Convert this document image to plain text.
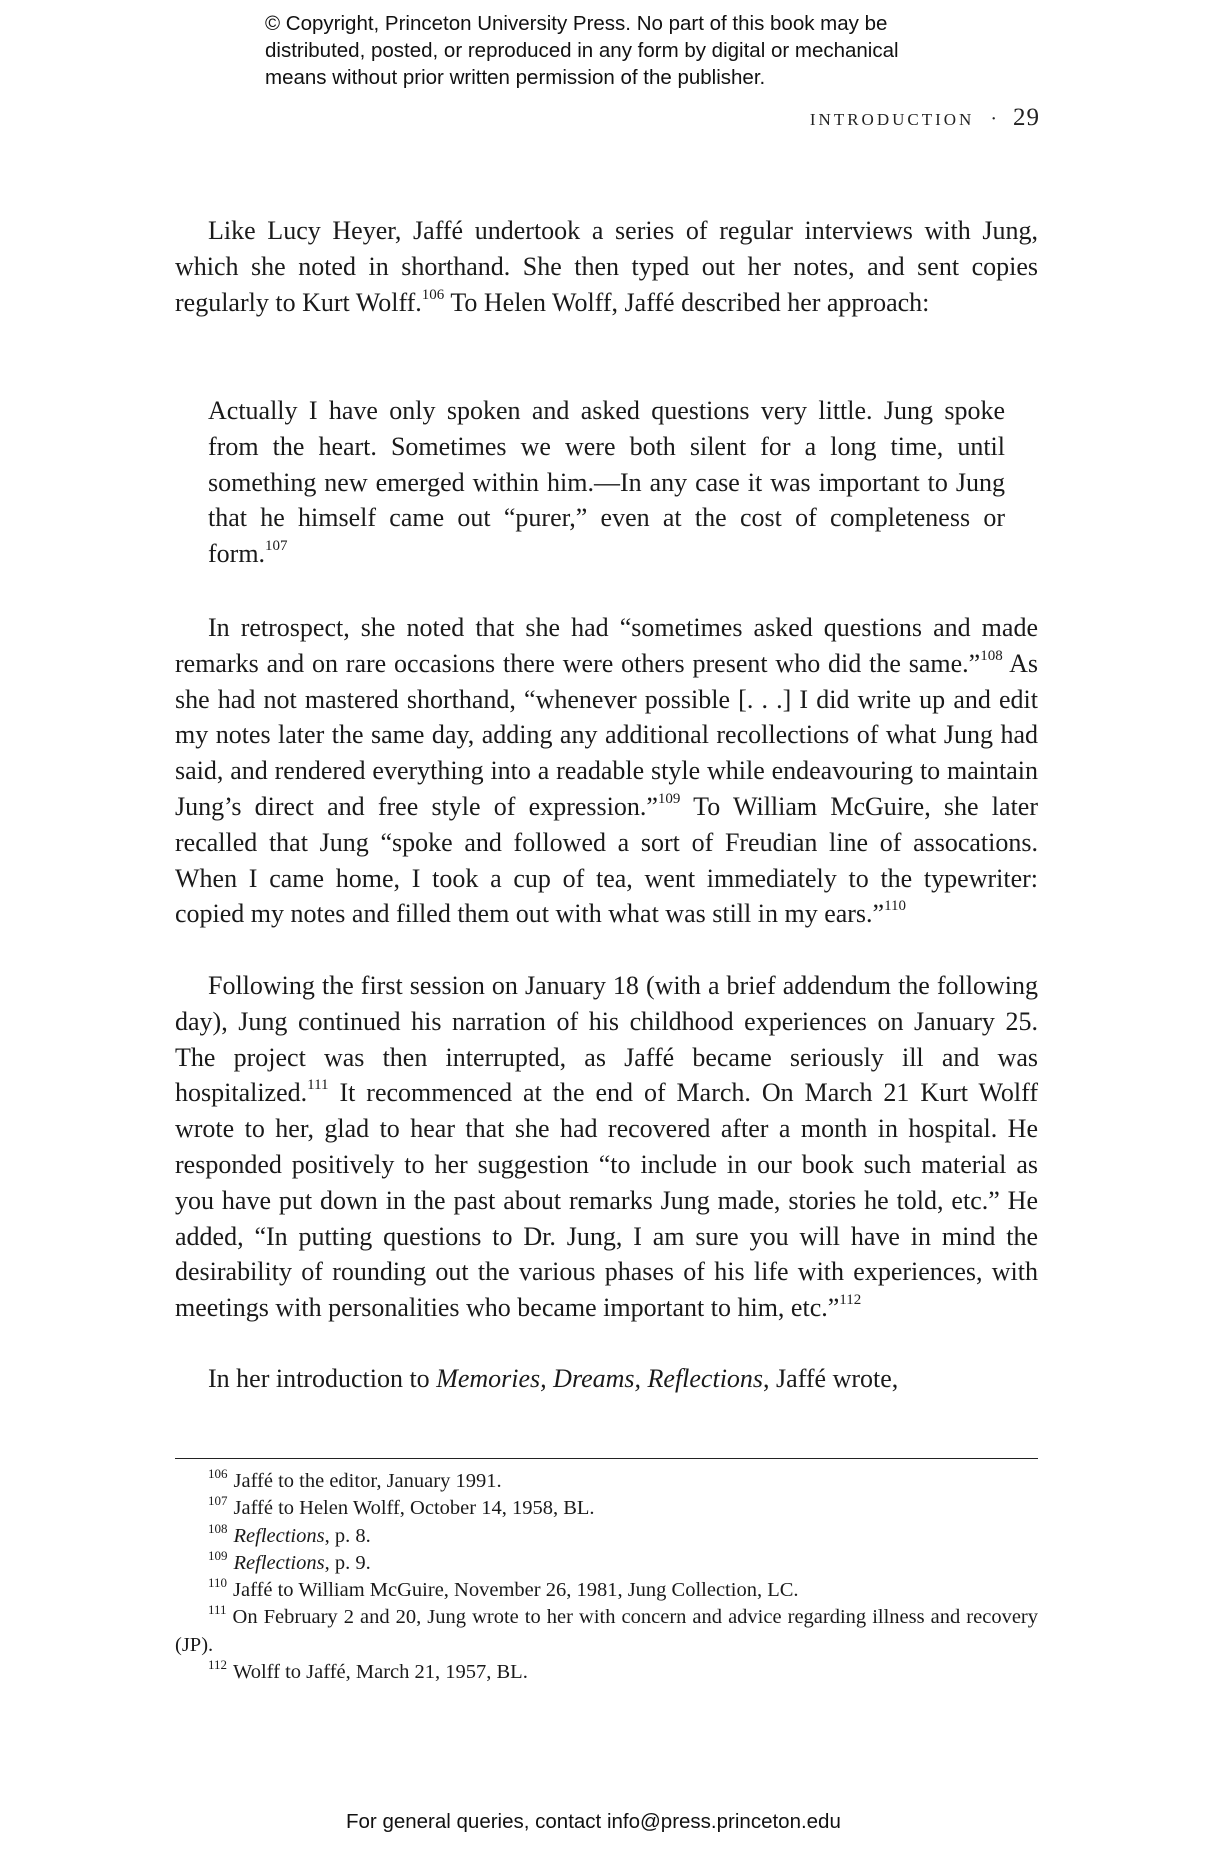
© Copyright, Princeton University Press. No part of this book may be
distributed, posted, or reproduced in any form by digital or mechanical
means without prior written permission of the publisher.
INTRODUCTION · 29

Like Lucy Heyer, Jaffé undertook a series of regular interviews with Jung, which she noted in shorthand. She then typed out her notes, and sent copies regularly to Kurt Wolff.$^{106}$ To Helen Wolff, Jaffé described her approach:

Actually I have only spoken and asked questions very little. Jung spoke from the heart. Sometimes we were both silent for a long time, until something new emerged within him.—In any case it was important to Jung that he himself came out “purer,” even at the cost of completeness or form.$^{107}$

In retrospect, she noted that she had “sometimes asked questions and made remarks and on rare occasions there were others present who did the same.”$^{108}$ As she had not mastered shorthand, “whenever possible [. . .] I did write up and edit my notes later the same day, adding any additional recollections of what Jung had said, and rendered everything into a readable style while endeavouring to maintain Jung’s direct and free style of expression.”$^{109}$ To William McGuire, she later recalled that Jung “spoke and followed a sort of Freudian line of assocations. When I came home, I took a cup of tea, went immediately to the typewriter: copied my notes and filled them out with what was still in my ears.”$^{110}$

Following the first session on January 18 (with a brief addendum the following day), Jung continued his narration of his childhood experiences on January 25. The project was then interrupted, as Jaffé became seriously ill and was hospitalized.$^{111}$ It recommenced at the end of March. On March 21 Kurt Wolff wrote to her, glad to hear that she had recovered after a month in hospital. He responded positively to her suggestion “to include in our book such material as you have put down in the past about remarks Jung made, stories he told, etc.” He added, “In putting questions to Dr. Jung, I am sure you will have in mind the desirability of rounding out the various phases of his life with experiences, with meetings with personalities who became important to him, etc.”$^{112}$

In her introduction to Memories, Dreams, Reflections, Jaffé wrote,

$^{106}$ Jaffé to the editor, January 1991.

$^{107}$ Jaffé to Helen Wolff, October 14, 1958, BL.

$^{108}$ Reflections, p. 8.

$^{109}$ Reflections, p. 9.

$^{110}$ Jaffé to William McGuire, November 26, 1981, Jung Collection, LC.

$^{111}$ On February 2 and 20, Jung wrote to her with concern and advice regarding illness and recovery (JP).

$^{112}$ Wolff to Jaffé, March 21, 1957, BL.

For general queries, contact info@press.princeton.edu
